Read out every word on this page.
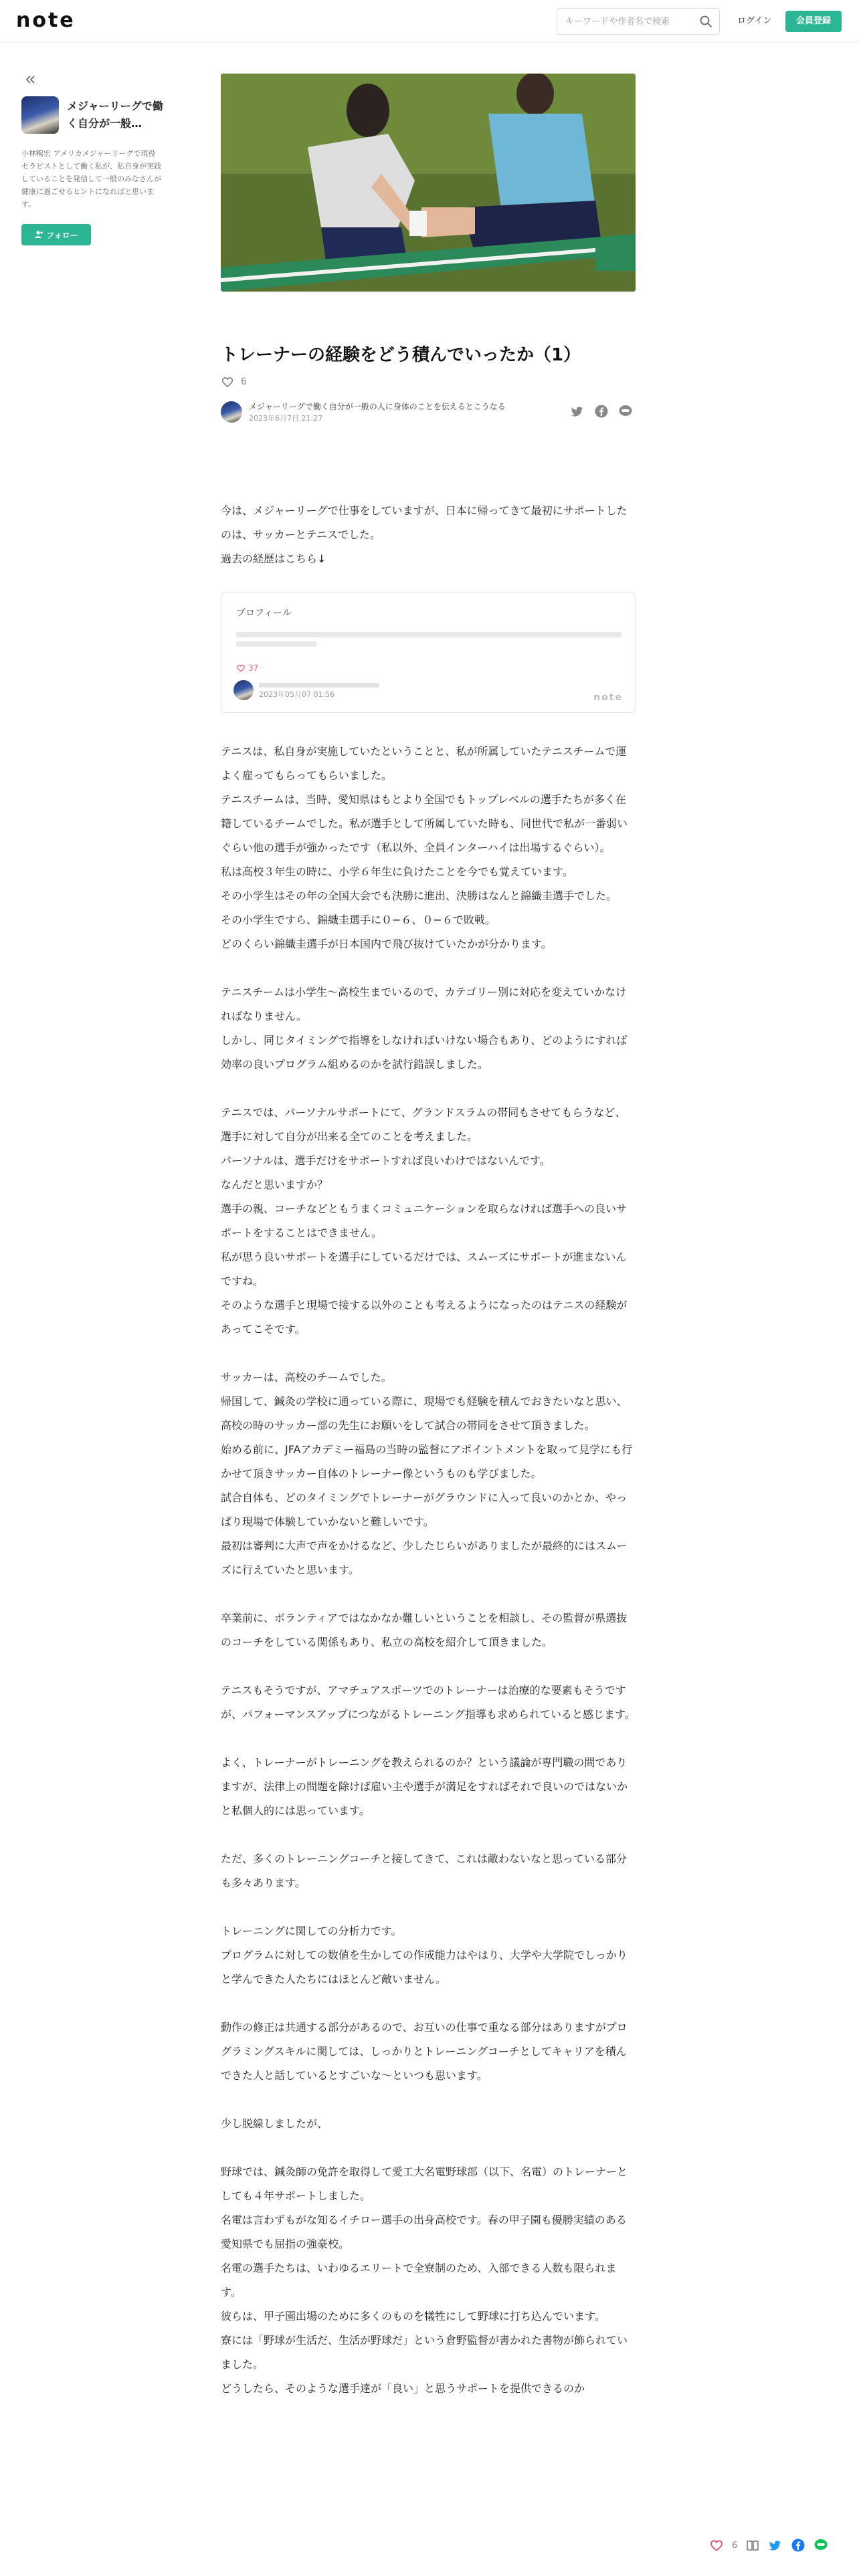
note
キーワードや作者名で検索	ログイン	会員登録
メジャーリーグで働く自分が一般…
小林暢宏 アメリカメジャーリーグで現役セラピストとして働く私が、私自身が実践していることを発信して一般のみなさんが健康に過ごせるヒントになればと思います。
フォロー
トレーナーの経験をどう積んでいったか（1）
6
メジャーリーグで働く自分が一般の人に身体のことを伝えるとこうなる
2023年6月7日 21:27

今は、メジャーリーグで仕事をしていますが、日本に帰ってきて最初にサポートしたのは、サッカーとテニスでした。

過去の経歴はこちら↓

プロフィール
37
2023年05月07 01:56	note

テニスは、私自身が実施していたということと、私が所属していたテニスチームで運よく雇ってもらってもらいました。

テニスチームは、当時、愛知県はもとより全国でもトップレベルの選手たちが多く在籍しているチームでした。私が選手として所属していた時も、同世代で私が一番弱いぐらい他の選手が強かったです（私以外、全員インターハイは出場するぐらい）。

私は高校３年生の時に、小学６年生に負けたことを今でも覚えています。

その小学生はその年の全国大会でも決勝に進出、決勝はなんと錦織圭選手でした。

その小学生ですら、錦織圭選手に０−６、０−６で敗戦。

どのくらい錦織圭選手が日本国内で飛び抜けていたかが分かります。

テニスチームは小学生〜高校生までいるので、カテゴリー別に対応を変えていかなければなりません。

しかし、同じタイミングで指導をしなければいけない場合もあり、どのようにすれば効率の良いプログラム組めるのかを試行錯誤しました。

テニスでは、パーソナルサポートにて、グランドスラムの帯同もさせてもらうなど、選手に対して自分が出来る全てのことを考えました。

パーソナルは、選手だけをサポートすれば良いわけではないんです。

なんだと思いますか？

選手の親、コーチなどともうまくコミュニケーションを取らなければ選手への良いサポートをすることはできません。

私が思う良いサポートを選手にしているだけでは、スムーズにサポートが進まないんですね。

そのような選手と現場で接する以外のことも考えるようになったのはテニスの経験があってこそです。

サッカーは、高校のチームでした。

帰国して、鍼灸の学校に通っている際に、現場でも経験を積んでおきたいなと思い、高校の時のサッカー部の先生にお願いをして試合の帯同をさせて頂きました。

始める前に、JFAアカデミー福島の当時の監督にアポイントメントを取って見学にも行かせて頂きサッカー自体のトレーナー像というものも学びました。

試合自体も、どのタイミングでトレーナーがグラウンドに入って良いのかとか、やっぱり現場で体験していかないと難しいです。

最初は審判に大声で声をかけるなど、少したじらいがありましたが最終的にはスムーズに行えていたと思います。

卒業前に、ボランティアではなかなか難しいということを相談し、その監督が県選抜のコーチをしている関係もあり、私立の高校を紹介して頂きました。

テニスもそうですが、アマチュアスポーツでのトレーナーは治療的な要素もそうですが、パフォーマンスアップにつながるトレーニング指導も求められていると感じます。

よく、トレーナーがトレーニングを教えられるのか？という議論が専門職の間でありますが、法律上の問題を除けば雇い主や選手が満足をすればそれで良いのではないかと私個人的には思っています。

ただ、多くのトレーニングコーチと接してきて、これは敵わないなと思っている部分も多々あります。

トレーニングに関しての分析力です。

プログラムに対しての数値を生かしての作成能力はやはり、大学や大学院でしっかりと学んできた人たちにはほとんど敵いません。

動作の修正は共通する部分があるので、お互いの仕事で重なる部分はありますがプログラミングスキルに関しては、しっかりとトレーニングコーチとしてキャリアを積んできた人と話しているとすごいな〜といつも思います。

少し脱線しましたが、

野球では、鍼灸師の免許を取得して愛工大名電野球部（以下、名電）のトレーナーとしても４年サポートしました。

名電は言わずもがな知るイチロー選手の出身高校です。春の甲子園も優勝実績のある愛知県でも屈指の強豪校。

名電の選手たちは、いわゆるエリートで全寮制のため、入部できる人数も限られます。

彼らは、甲子園出場のために多くのものを犠牲にして野球に打ち込んでいます。

寮には「野球が生活だ、生活が野球だ」という倉野監督が書かれた書物が飾られていました。

どうしたら、そのような選手達が「良い」と思うサポートを提供できるのか

6
